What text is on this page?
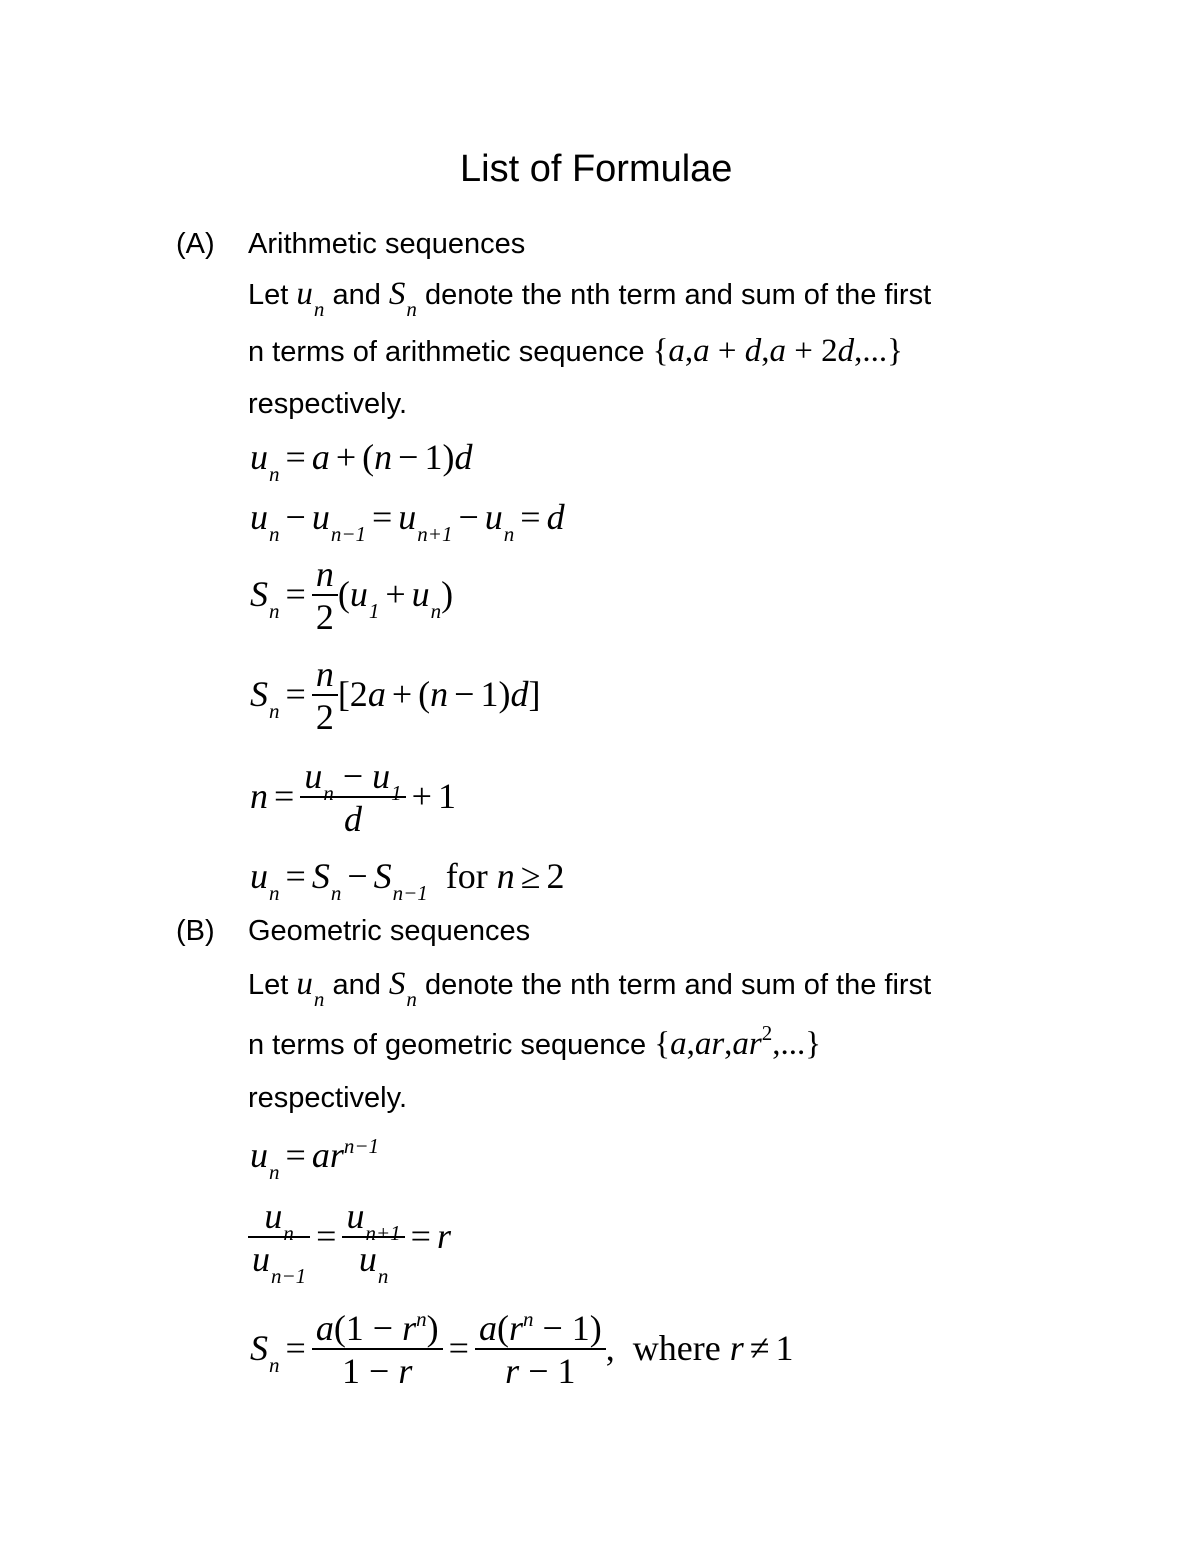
List of Formulae
(A) Arithmetic sequences
Let $u_n$ and $S_n$ denote the nth term and sum of the first
n terms of arithmetic sequence {a,a + d,a + 2d,...}
respectively.
$u_n = a + (n - 1)d$
$u_n - u_{n-1} = u_{n+1} - u_n = d$
$S_n = \frac{n}{2} (u_1 + u_n)$
$S_n = \frac{n}{2} [2a + (n - 1)d]$
$n = \frac{u_n - u_1}{d} + 1$
$u_n = S_n - S_{n-1}$ for n ≥ 2
(B) Geometric sequences
Let $u_n$ and $S_n$ denote the nth term and sum of the first
n terms of geometric sequence $\{a,ar,ar^2,...\}$
respectively.
$u_n = ar^{n-1}$
$\frac{u_n}{u_{n-1}} = \frac{u_{n+1}}{u_n} = r$
$S_n = \frac{a(1 - r^n)}{1 - r} = \frac{a(r^n - 1)}{r - 1}$ ,  where r ≠ 1
